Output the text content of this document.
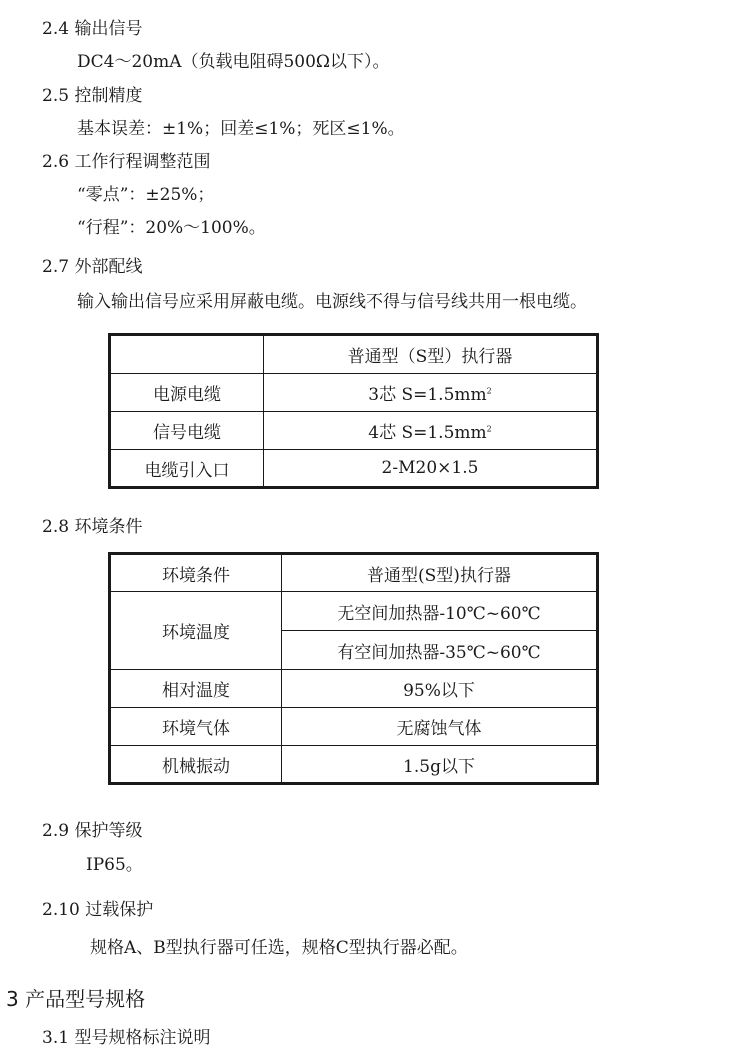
2.4 输出信号
DC4～20mA（负载电阻碍500Ω以下）。
2.5 控制精度
基本误差：±1%；回差≤1%；死区≤1%。
2.6 工作行程调整范围
“零点”：±25%；
“行程”：20%～100%。
2.7 外部配线
输入输出信号应采用屏蔽电缆。电源线不得与信号线共用一根电缆。
	普通型（S型）执行器
电源电缆	3芯 $S=1.5mm^2$
信号电缆	4芯 $S=1.5mm^2$
电缆引入口	2-M20×1.5
2.8 环境条件
环境条件	普通型(S型)执行器
环境温度	无空间加热器-10℃~60℃
	有空间加热器-35℃~60℃
相对温度	95%以下
环境气体	无腐蚀气体
机械振动	1.5g以下
2.9 保护等级
IP65。
2.10 过载保护
规格A、B型执行器可任选，规格C型执行器必配。
3 产品型号规格
3.1 型号规格标注说明
